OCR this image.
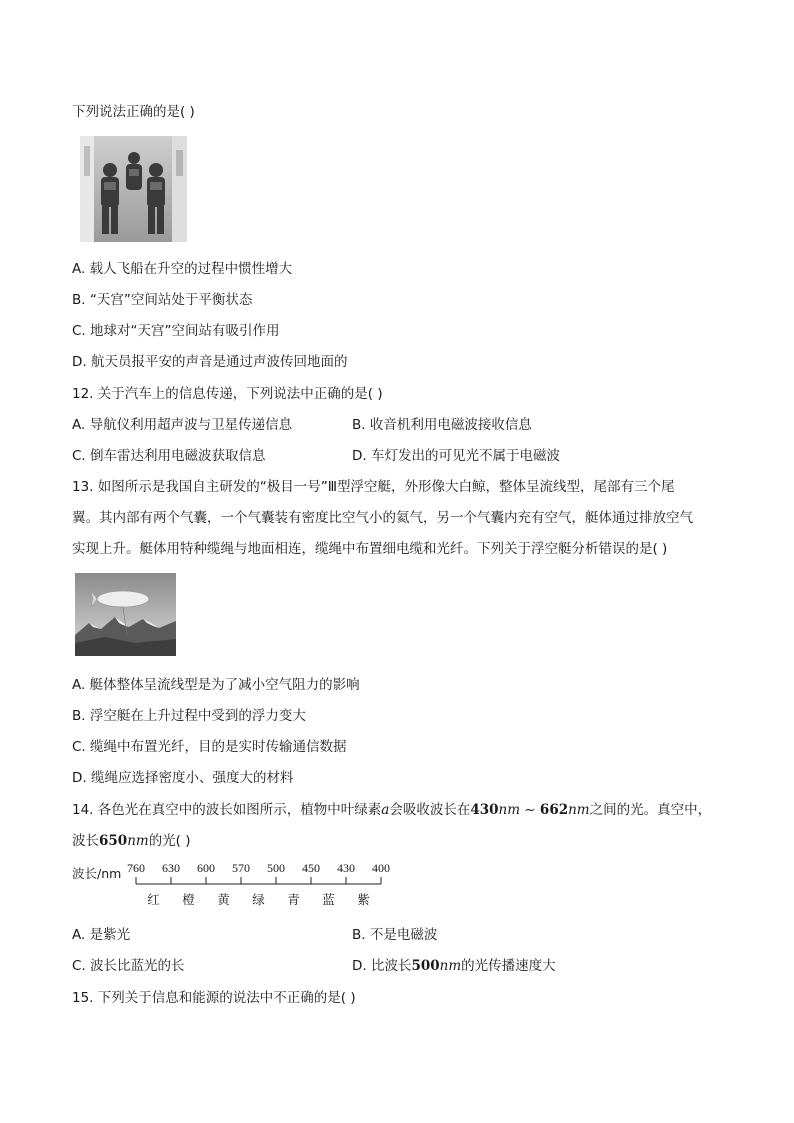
下列说法正确的是( )
A. 载人飞船在升空的过程中惯性增大
B. “天宫”空间站处于平衡状态
C. 地球对“天宫”空间站有吸引作用
D. 航天员报平安的声音是通过声波传回地面的
12. 关于汽车上的信息传递，下列说法中正确的是( )
A. 导航仪利用超声波与卫星传递信息	B. 收音机利用电磁波接收信息
C. 倒车雷达利用电磁波获取信息	D. 车灯发出的可见光不属于电磁波
13. 如图所示是我国自主研发的“极目一号”Ⅲ型浮空艇，外形像大白鲸，整体呈流线型，尾部有三个尾
翼。其内部有两个气囊，一个气囊装有密度比空气小的氦气，另一个气囊内充有空气，艇体通过排放空气
实现上升。艇体用特种缆绳与地面相连，缆绳中布置细电缆和光纤。下列关于浮空艇分析错误的是( )
A. 艇体整体呈流线型是为了减小空气阻力的影响
B. 浮空艇在上升过程中受到的浮力变大
C. 缆绳中布置光纤，目的是实时传输通信数据
D. 缆绳应选择密度小、强度大的材料
14. 各色光在真空中的波长如图所示，植物中叶绿素a会吸收波长在430nm ~ 662nm之间的光。真空中，
波长650nm的光( )
波长/nm 760 630 600 570 500 450 430 400
红 橙 黄 绿 青 蓝 紫
A. 是紫光	B. 不是电磁波
C. 波长比蓝光的长	D. 比波长500nm的光传播速度大
15. 下列关于信息和能源的说法中不正确的是( )
